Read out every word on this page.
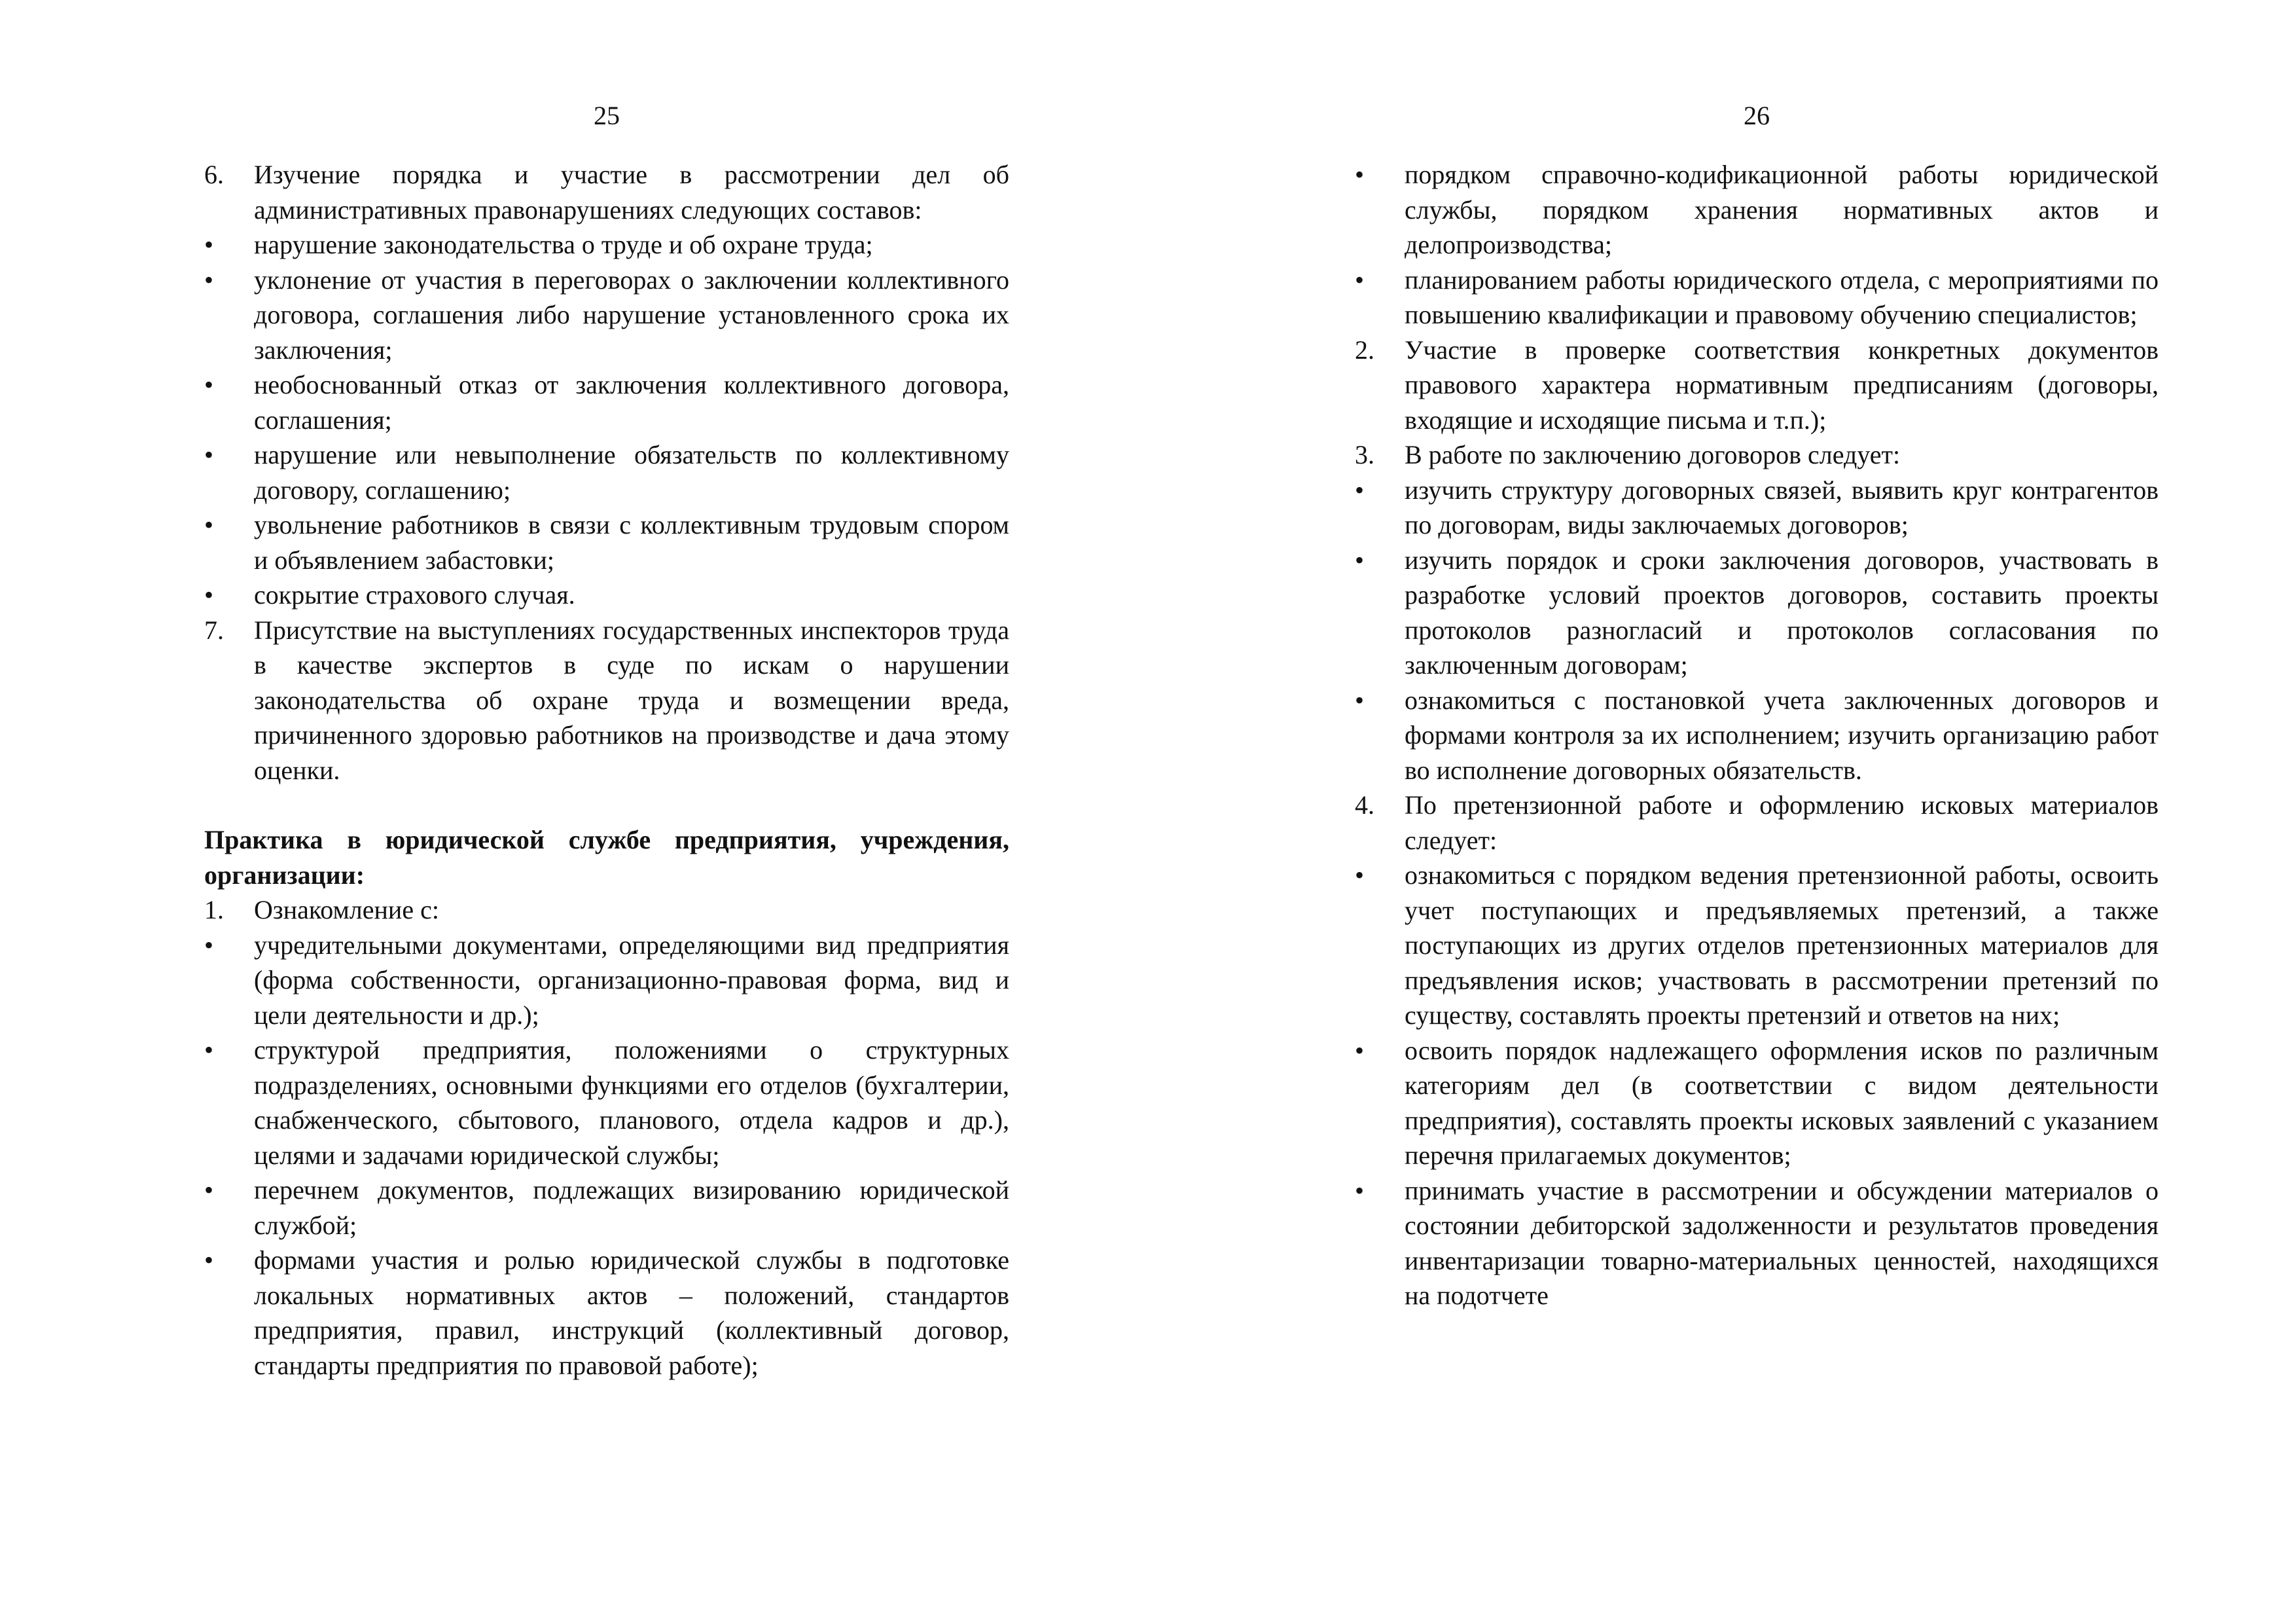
25
6.	Изучение порядка и участие в рассмотрении дел об административных правонарушениях следующих составов:
•	нарушение законодательства о труде и об охране труда;
•	уклонение от участия в переговорах о заключении коллективного договора, соглашения либо нарушение установленного срока их заключения;
•	необоснованный отказ от заключения коллективного договора, соглашения;
•	нарушение или невыполнение обязательств по коллективному договору, соглашению;
•	увольнение работников в связи с коллективным трудовым спором и объявлением забастовки;
•	сокрытие страхового случая.
7.	Присутствие на выступлениях государственных инспекторов труда в качестве экспертов в суде по искам о нарушении законодательства об охране труда и возмещении вреда, причиненного здоровью работников на производстве и дача этому оценки.
Практика в юридической службе предприятия, учреждения, организации:
1.	Ознакомление с:
•	учредительными документами, определяющими вид предприятия (форма собственности, организационно-правовая форма, вид и цели деятельности и др.);
•	структурой предприятия, положениями о структурных подразделениях, основными функциями его отделов (бухгалтерии, снабженческого, сбытового, планового, отдела кадров и др.), целями и задачами юридической службы;
•	перечнем документов, подлежащих визированию юридической службой;
•	формами участия и ролью юридической службы в подготовке локальных нормативных актов – положений, стандартов предприятия, правил, инструкций (коллективный договор, стандарты предприятия по правовой работе);
26
•	порядком справочно-кодификационной работы юридической службы, порядком хранения нормативных актов и делопроизводства;
•	планированием работы юридического отдела, с мероприятиями по повышению квалификации и правовому обучению специалистов;
2.	Участие в проверке соответствия конкретных документов правового характера нормативным предписаниям (договоры, входящие и исходящие письма и т.п.);
3.	В работе по заключению договоров следует:
•	изучить структуру договорных связей, выявить круг контрагентов по договорам, виды заключаемых договоров;
•	изучить порядок и сроки заключения договоров, участвовать в разработке условий проектов договоров, составить проекты протоколов разногласий и протоколов согласования по заключенным договорам;
•	ознакомиться с постановкой учета заключенных договоров и формами контроля за их исполнением; изучить организацию работ во исполнение договорных обязательств.
4.	По претензионной работе и оформлению исковых материалов следует:
•	ознакомиться с порядком ведения претензионной работы, освоить учет поступающих и предъявляемых претензий, а также поступающих из других отделов претензионных материалов для предъявления исков; участвовать в рассмотрении претензий по существу, составлять проекты претензий и ответов на них;
•	освоить порядок надлежащего оформления исков по различным категориям дел (в соответствии с видом деятельности предприятия), составлять проекты исковых заявлений с указанием перечня прилагаемых документов;
•	принимать участие в рассмотрении и обсуждении материалов о состоянии дебиторской задолженности и результатов проведения инвентаризации товарно-материальных ценностей, находящихся на подотчете
